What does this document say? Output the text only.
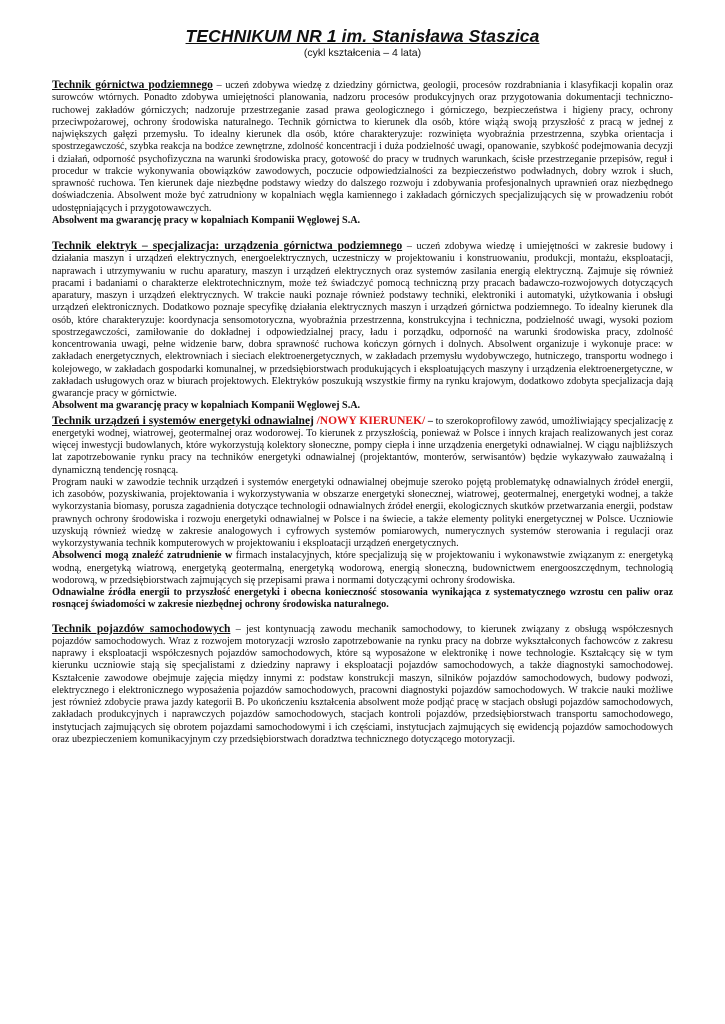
TECHNIKUM NR 1 im. Stanisława Staszica
(cykl kształcenia – 4 lata)

Technik górnictwa podziemnego – uczeń zdobywa wiedzę z dziedziny górnictwa, geologii, procesów rozdrabniania i klasyfikacji kopalin oraz surowców wtórnych. Ponadto zdobywa umiejętności planowania, nadzoru procesów produkcyjnych oraz przygotowania dokumentacji techniczno-ruchowej zakładów górniczych; nadzoruje przestrzeganie zasad prawa geologicznego i górniczego, bezpieczeństwa i higieny pracy, ochrony przeciwpożarowej, ochrony środowiska naturalnego. Technik górnictwa to kierunek dla osób, które wiążą swoją przyszłość z pracą w jednej z największych gałęzi przemysłu. To idealny kierunek dla osób, które charakteryzuje: rozwinięta wyobraźnia przestrzenna, szybka orientacja i spostrzegawczość, szybka reakcja na bodźce zewnętrzne, zdolność koncentracji i duża podzielność uwagi, opanowanie, szybkość podejmowania decyzji i działań, odporność psychofizyczna na warunki środowiska pracy, gotowość do pracy w trudnych warunkach, ścisłe przestrzeganie przepisów, reguł i procedur w trakcie wykonywania obowiązków zawodowych, poczucie odpowiedzialności za bezpieczeństwo podwładnych, dobry wzrok i słuch, sprawność ruchowa. Ten kierunek daje niezbędne podstawy wiedzy do dalszego rozwoju i zdobywania profesjonalnych uprawnień oraz niezbędnego doświadczenia. Absolwent może być zatrudniony w kopalniach węgla kamiennego i zakładach górniczych specjalizujących się w prowadzeniu robót udostępniających i przygotowawczych.

Absolwent ma gwarancję pracy w kopalniach Kompanii Węglowej S.A.

Technik elektryk – specjalizacja: urządzenia górnictwa podziemnego – uczeń zdobywa wiedzę i umiejętności w zakresie budowy i działania maszyn i urządzeń elektrycznych, energoelektrycznych, uczestniczy w projektowaniu i konstruowaniu, produkcji, montażu, eksploatacji, naprawach i utrzymywaniu w ruchu aparatury, maszyn i urządzeń elektrycznych oraz systemów zasilania energią elektryczną. Zajmuje się również pracami i badaniami o charakterze elektrotechnicznym, może też świadczyć pomocą techniczną przy pracach badawczo-rozwojowych dotyczących aparatury, maszyn i urządzeń elektrycznych. W trakcie nauki poznaje również podstawy techniki, elektroniki i automatyki, użytkowania i obsługi urządzeń elektronicznych. Dodatkowo poznaje specyfikę działania elektrycznych maszyn i urządzeń górnictwa podziemnego. To idealny kierunek dla osób, które charakteryzuje: koordynacja sensomotoryczna, wyobraźnia przestrzenna, konstrukcyjna i techniczna, podzielność uwagi, wysoki poziom spostrzegawczości, zamiłowanie do dokładnej i odpowiedzialnej pracy, ładu i porządku, odporność na warunki środowiska pracy, zdolność koncentrowania uwagi, pełne widzenie barw, dobra sprawność ruchowa kończyn górnych i dolnych. Absolwent organizuje i wykonuje prace: w zakładach energetycznych, elektrowniach i sieciach elektroenergetycznych, w zakładach przemysłu wydobywczego, hutniczego, transportu wodnego i kolejowego, w zakładach gospodarki komunalnej, w przedsiębiorstwach produkujących i eksploatujących maszyny i urządzenia elektroenergetyczne, w zakładach usługowych oraz w biurach projektowych. Elektryków poszukują wszystkie firmy na rynku krajowym, dodatkowo zdobyta specjalizacja dają gwarancje pracy w górnictwie.

Absolwent ma gwarancję pracy w kopalniach Kompanii Węglowej S.A.

Technik urządzeń i systemów energetyki odnawialnej /NOWY KIERUNEK/ – to szerokoprofilowy zawód, umożliwiający specjalizację z energetyki wodnej, wiatrowej, geotermalnej oraz wodorowej. To kierunek z przyszłością, ponieważ w Polsce i innych krajach realizowanych jest coraz więcej inwestycji budowlanych, które wykorzystują kolektory słoneczne, pompy ciepła i inne urządzenia energetyki odnawialnej. W ciągu najbliższych lat zapotrzebowanie rynku pracy na techników energetyki odnawialnej (projektantów, monterów, serwisantów) będzie wykazywało zauważalną i dynamiczną tendencję rosnącą.

Program nauki w zawodzie technik urządzeń i systemów energetyki odnawialnej obejmuje szeroko pojętą problematykę odnawialnych źródeł energii, ich zasobów, pozyskiwania, projektowania i wykorzystywania w obszarze energetyki słonecznej, wiatrowej, geotermalnej, energetyki wodnej, a także wykorzystania biomasy, porusza zagadnienia dotyczące technologii odnawialnych źródeł energii, ekologicznych skutków przetwarzania energii, podstaw prawnych ochrony środowiska i rozwoju energetyki odnawialnej w Polsce i na świecie, a także elementy polityki energetycznej w Polsce. Uczniowie uzyskują również wiedzę w zakresie analogowych i cyfrowych systemów pomiarowych, numerycznych systemów sterowania i regulacji oraz wykorzystywania technik komputerowych w projektowaniu i eksploatacji urządzeń energetycznych.

Absolwenci mogą znaleźć zatrudnienie w firmach instalacyjnych, które specjalizują się w projektowaniu i wykonawstwie związanym z: energetyką wodną, energetyką wiatrową, energetyką geotermalną, energetyką wodorową, energią słoneczną, budownictwem energooszczędnym, technologią wodorową, w przedsiębiorstwach zajmujących się przepisami prawa i normami dotyczącymi ochrony środowiska.

Odnawialne źródła energii to przyszłość energetyki i obecna konieczność stosowania wynikająca z systematycznego wzrostu cen paliw oraz rosnącej świadomości w zakresie niezbędnej ochrony środowiska naturalnego.

Technik pojazdów samochodowych – jest kontynuacją zawodu mechanik samochodowy, to kierunek związany z obsługą współczesnych pojazdów samochodowych. Wraz z rozwojem motoryzacji wzrosło zapotrzebowanie na rynku pracy na dobrze wykształconych fachowców z zakresu naprawy i eksploatacji współczesnych pojazdów samochodowych, które są wyposażone w elektronikę i nowe technologie. Kształcący się w tym kierunku uczniowie stają się specjalistami z dziedziny naprawy i eksploatacji pojazdów samochodowych, a także diagnostyki samochodowej. Kształcenie zawodowe obejmuje zajęcia między innymi z: podstaw konstrukcji maszyn, silników pojazdów samochodowych, budowy podwozi, elektrycznego i elektronicznego wyposażenia pojazdów samochodowych, pracowni diagnostyki pojazdów samochodowych. W trakcie nauki możliwe jest również zdobycie prawa jazdy kategorii B. Po ukończeniu kształcenia absolwent może podjąć pracę w stacjach obsługi pojazdów samochodowych, zakładach produkcyjnych i naprawczych pojazdów samochodowych, stacjach kontroli pojazdów, przedsiębiorstwach transportu samochodowego, instytucjach zajmujących się obrotem pojazdami samochodowymi i ich częściami, instytucjach zajmujących się ewidencją pojazdów samochodowych oraz ubezpieczeniem komunikacyjnym czy przedsiębiorstwach doradztwa technicznego dotyczącego motoryzacji.
